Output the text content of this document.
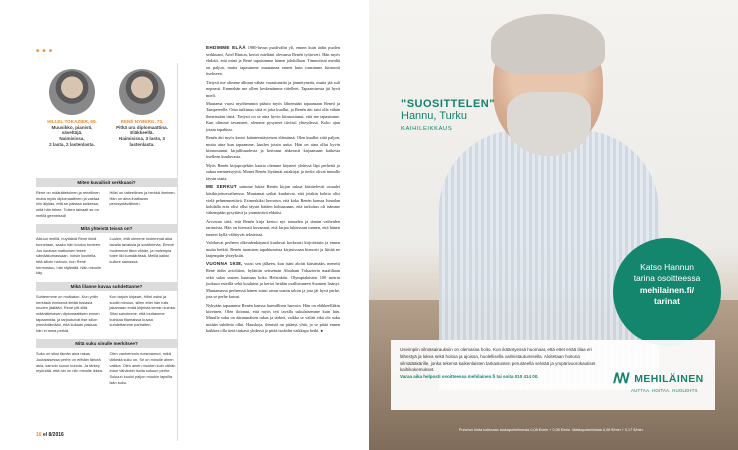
■ ■ ■
HILLEL TOKAZIER, 69.
Muusikko, pianisti, säveltäjä.
Naimisissa,
2 lasta, 2 lastenlasta.
RENÉ NYBERG, 70.
Pitkä ura diplomaattina.
Eläkkeellä.
Naimisissa, 3 lasta, 3 lastenlasta.
Miten kuvailisit serkkuasi?

René on määrätietoinen ja rehellinen mutta myös diplomaattinen ja vastaa niin älykäs, että se paistaa kaikessa, mitä hän tekee. Toisen taivaalt se on meillä geeneissä!

Hillel on taiteellinen ja herkkä ihminen. Hän on aina ihailtavan perusystävällinen.

Mitä yhteistä teissä on?

Alkuun meillä, nuyttäsiä René ikinä tunnetaan, saako hän koulun tunteen. Jos kuulusa matkulsen tekee sämääkumassaan. Voisin kuvitella, että silloin harvoin, kun René hermostuu, hän räjähtää. Nän minulle käy.

Luulen, että olemme molemmat aika tavalla tavaksia ja sovittelevia. Emme molemmat liikut vähän, ja molempia tulee ilki kumäärässä. Meillä kaikki kulkee samassa.

Mikä lilanne kuvaa suhdettanne?

Suhteemme on mutkaton. Kun yritin herkäsiä ihmisenä tietää tosiasia muden jäätään, René piti siltä määrätietoisen diplomaattisen ennen tapaamista, ja tarjoutuivat itse sillon ymmärtämään, että kukaan pakkaa hän ei anna perkiä.

Kun tarjoin kirjaset, Hillel osksi ja suoliti minuun, sillen ettei hän tulis jakamaan enää kirjeista kerran kuinka. Siksi sanoimme, että loottamme kuinkaa tilantaissa kuvaa suhdettamme parhaiten.

Mitä suku sinulle merkitsee?

Suku on siksi tämän aina rakas. Juutalaisessa perhe on erittäin tärkeä asia, samoin suvun kunnia. Ja tärkey myöntää, että nin on niin minulle ikkea.

Olen vanhemmin ruesmannut, mikä tärkeää suku on. Se on minulle ainen vaikka. Olen ainen muuten kuin vähän edun vähänkin isolla sukuun perhe. Sukuun kuului paljon muukin lapsilla isän suku.

EHDIMME ELÄÄ 1980-luvun puolivälin yli, ennen kuin äidin puolen serkkuani, Ariel Rimon, kertoi mieltäni olevansa Renén työtoveri. Hän myös ehdotti, että minä ja René tapaisimme hänen johdollaan. Tämmöisiä meidät on paljon, mutta tapasimme muutamaa ennen kuin tunsimme kiinnosti itsekseen.

Tietysti me olimme alkuun vähän varautuneita ja jännittyneitä, mutta jää suli nopeasti. Emmehän me olleet keskenämme riitelleet. Tapaamisesta jäi hyvä mieli.

Muutama vuosi myöhemmin pääsin myös lähtemään tapaamaan Reneä ja Tampereelle. Oma tutkimus siitä ei joka kuullut, ja Renén äiti taisi olla vähän ihmeissään tästä. Tietysti on se aina hyvin kiinnostunut, että me tapasimme. Kun olimme tavanneet, olemme pysyneet tiiviisti yhteydessä. Koko ajan jotain tapahtuu.

Renén äiti myös kertoi käänteentäyteisen elämänsä. Olen kuullut siitä paljon, mutta aina kun tapaamme, kuulen jotain uutta. Hän on aina ollut hyvin kiinnostunut kirjallisuudesta ja kertonut ahkerasti kirjaamaan kaikesta itselleen kuuluvasta.

Myös Renén kirjaprojektin kautta olemme käyneet yhdessä läpi perhettä ja sukua mennessyyttä. Monet Renén löytämät asiakirjat ja tiedot olivat minulle täysin uusia.

ME SERKUT saimme lukea Renén kirjan sukua käsittelevät osuudet käsikirjoitusvaiheessa. Muutamat seikat kuuluivat, että jotakin kohtia olisi vielä pehmennettävä. Esimerkiksi kerrotun, että koko Renén kanssa Jumalan kohdalla eräs olisi ollut täysin häiden kohtaanaan, että tarkoitus oli isämme vähempään pysyttävä ja ymmärtävä ehkäisi.

Arvostan siitä, että Renén kirja kertoo nyt totuuden ja tämän vaiheiden tarinoista. Hän on hienosti kuvannut, että kirjaa lukiessani tunnen, että hänen tunteet kyllä välittyvät teksteissä.

Valokuvat perheen olkeudenkäynnit kuuluvat korkeasti kirjoitetuin ja ennen muita hetkiä. Renén tuomisen tapahtumissa kirjasissaan hienosti ja liittää ne laajempiin yhteyksiin.

VUONNA 1938, vuosi sen jälkeen, kun isäni aloitti kärsimään, menetti René äidin avioliiton, hylättiin seitsemän Abraham Tokazierin maaliltaan sekä salaa uusien kauttaan koko Helsinkiin. Olympialaisten 100 metrin juoksun esteillä sekä kouluina ja kertoi heidän osallistuneen Suomen lisänyt. Muutamassa perheessä hänen toimi aivan uusiin taloin ja jota jäi hyvä perhe, jota se perhe kutsui.

Nykyään tapaamme Renén kanssa harmillisen harvoin. Hän on eläkkeelläkin kiireinen. Olen iloinnut, että myös teit tavalla sukulaisemme kuin hän. Minulle suku on äärimmäisen rakas ja tärkeä, vaikka se valitti eikä ole suku mitään suhdetta ollut. Hauskoja, ihmisiä on pitänyt yhtä, ja se pitää ennen kaikkea olla tietä tiukasti yhdessä ja pitää isoäidin vaikkapa hetki. ●

16 el 8/2016
"SUOSITTELEN"
Hannu, Turku
KAIHILEIKKAUS
Katso Hannun
tarina osoitteessa
mehilainen.fi/
tarinat
Useimpiin silmäsairauksiin on olemassa hoito. Kun ikääntyessä huomaat, että ettet enää tilaa eri lähestyä ja lukea sekä hoitoa ja ajoissa, huolellisella valmistautumisella. Aloitetaan hoitona silmälääkärille, jonka tekemä kaikenlaisten tarkastusten perusteella selviää ja ympärivuorokautiset kaihikokemukset.
Varaa aika helposti osoitteessa mehilainen.fi tai soita 010 414 00.	ꟿ MEHILÄINEN
AUTTAA. HOITAA. HUOLEHTII.
Puhelun hinta kotimaan lankapuhelimesta 0,08 €/min + 0,06 €/min. Matkapuhelimista 0,06 €/min + 0,17 €/min.
